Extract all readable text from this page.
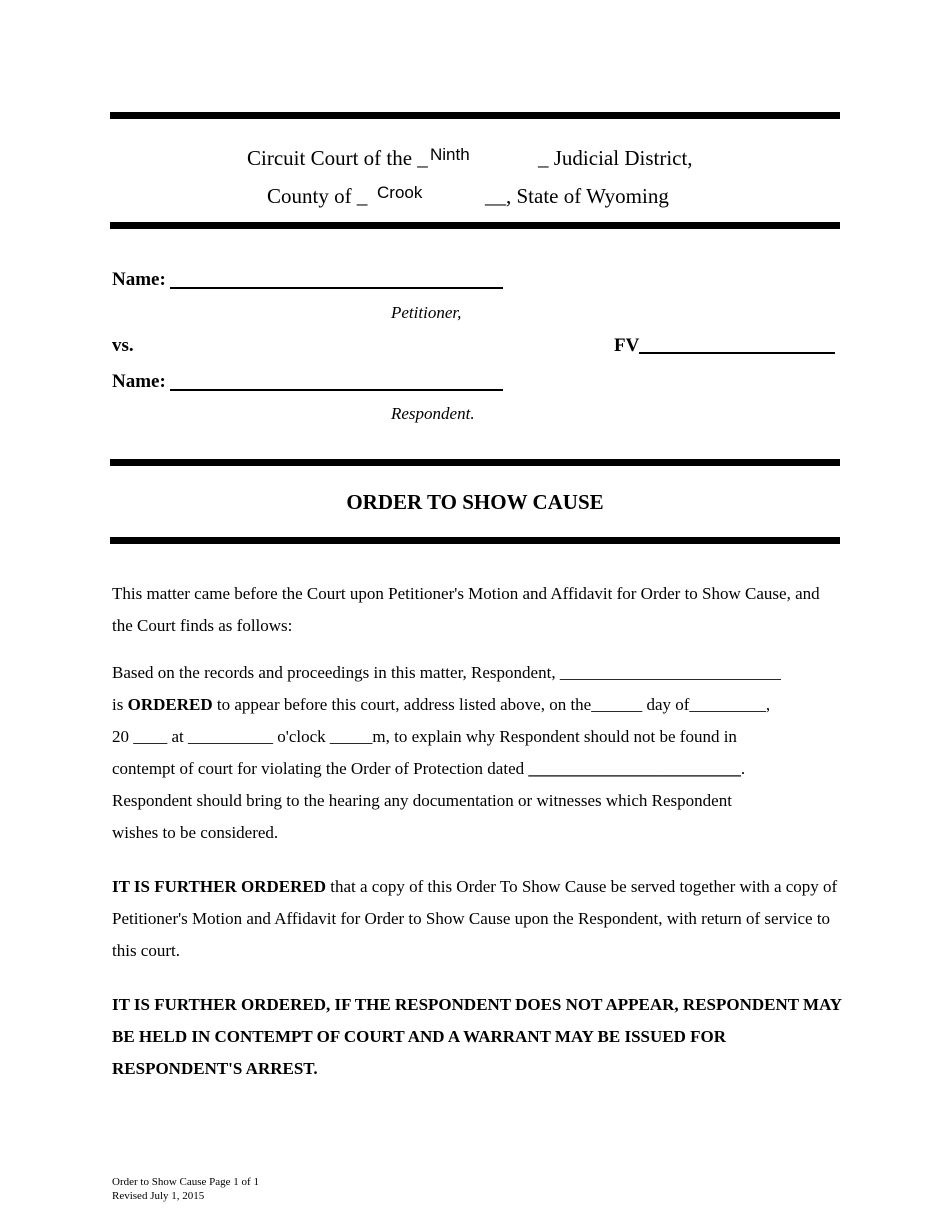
Circuit Court of the _ Ninth	_ Judicial District,
County of _ Crook	__, State of Wyoming
Name:
Petitioner,
vs.	FV
Name:
Respondent.
ORDER TO SHOW CAUSE

This matter came before the Court upon Petitioner's Motion and Affidavit for Order to Show Cause, and the Court finds as follows:

Based on the records and proceedings in this matter, Respondent, __________________________
is ORDERED to appear before this court, address listed above, on the______ day of_________,
20 ____ at __________ o'clock _____m, to explain why Respondent should not be found in
contempt of court for violating the Order of Protection dated _________________________.
Respondent should bring to the hearing any documentation or witnesses which Respondent
wishes to be considered.

IT IS FURTHER ORDERED that a copy of this Order To Show Cause be served together with a copy of Petitioner's Motion and Affidavit for Order to Show Cause upon the Respondent, with return of service to this court.

IT IS FURTHER ORDERED, IF THE RESPONDENT DOES NOT APPEAR, RESPONDENT MAY BE HELD IN CONTEMPT OF COURT AND A WARRANT MAY BE ISSUED FOR RESPONDENT'S ARREST.

Order to Show Cause Page 1 of 1
Revised July 1, 2015
